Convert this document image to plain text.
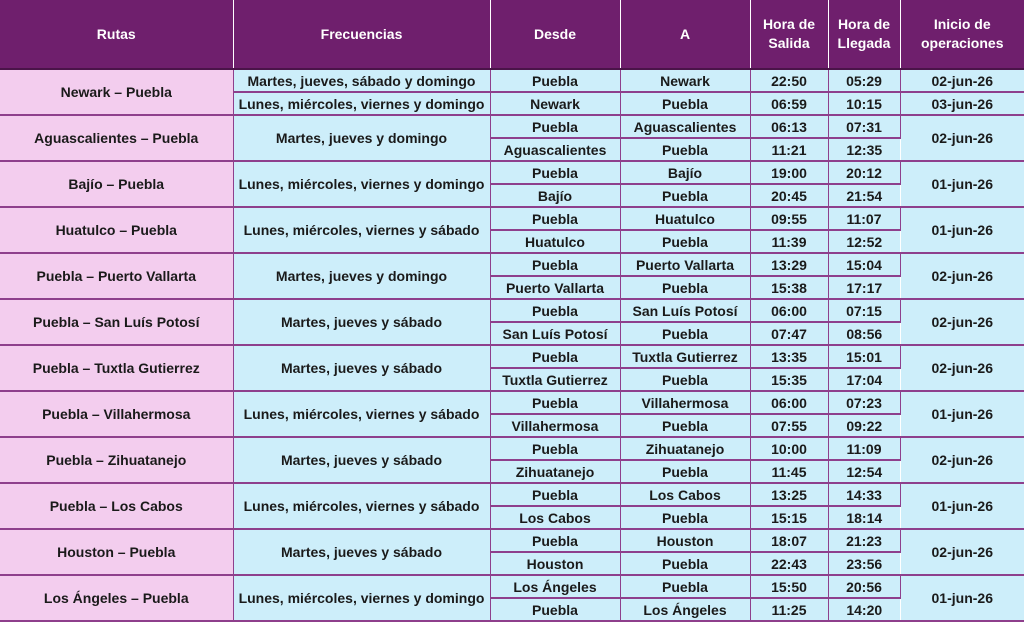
Rutas	Frecuencias	Desde	A	Hora de Salida	Hora de Llegada	Inicio de operaciones
Newark – Puebla	Martes, jueves, sábado y domingo	Puebla	Newark	22:50	05:29	02-jun-26
	Lunes, miércoles, viernes y domingo	Newark	Puebla	06:59	10:15	03-jun-26
Aguascalientes – Puebla	Martes, jueves y domingo	Puebla	Aguascalientes	06:13	07:31	02-jun-26
		Aguascalientes	Puebla	11:21	12:35	
Bajío – Puebla	Lunes, miércoles, viernes y domingo	Puebla	Bajío	19:00	20:12	01-jun-26
		Bajío	Puebla	20:45	21:54	
Huatulco – Puebla	Lunes, miércoles, viernes y sábado	Puebla	Huatulco	09:55	11:07	01-jun-26
		Huatulco	Puebla	11:39	12:52	
Puebla – Puerto Vallarta	Martes, jueves y domingo	Puebla	Puerto Vallarta	13:29	15:04	02-jun-26
		Puerto Vallarta	Puebla	15:38	17:17	
Puebla – San Luís Potosí	Martes, jueves y sábado	Puebla	San Luís Potosí	06:00	07:15	02-jun-26
		San Luís Potosí	Puebla	07:47	08:56	
Puebla – Tuxtla Gutierrez	Martes, jueves y sábado	Puebla	Tuxtla Gutierrez	13:35	15:01	02-jun-26
		Tuxtla Gutierrez	Puebla	15:35	17:04	
Puebla – Villahermosa	Lunes, miércoles, viernes y sábado	Puebla	Villahermosa	06:00	07:23	01-jun-26
		Villahermosa	Puebla	07:55	09:22	
Puebla – Zihuatanejo	Martes, jueves y sábado	Puebla	Zihuatanejo	10:00	11:09	02-jun-26
		Zihuatanejo	Puebla	11:45	12:54	
Puebla – Los Cabos	Lunes, miércoles, viernes y sábado	Puebla	Los Cabos	13:25	14:33	01-jun-26
		Los Cabos	Puebla	15:15	18:14	
Houston – Puebla	Martes, jueves y sábado	Puebla	Houston	18:07	21:23	02-jun-26
		Houston	Puebla	22:43	23:56	
Los Ángeles – Puebla	Lunes, miércoles, viernes y domingo	Los Ángeles	Puebla	15:50	20:56	01-jun-26
		Puebla	Los Ángeles	11:25	14:20	
